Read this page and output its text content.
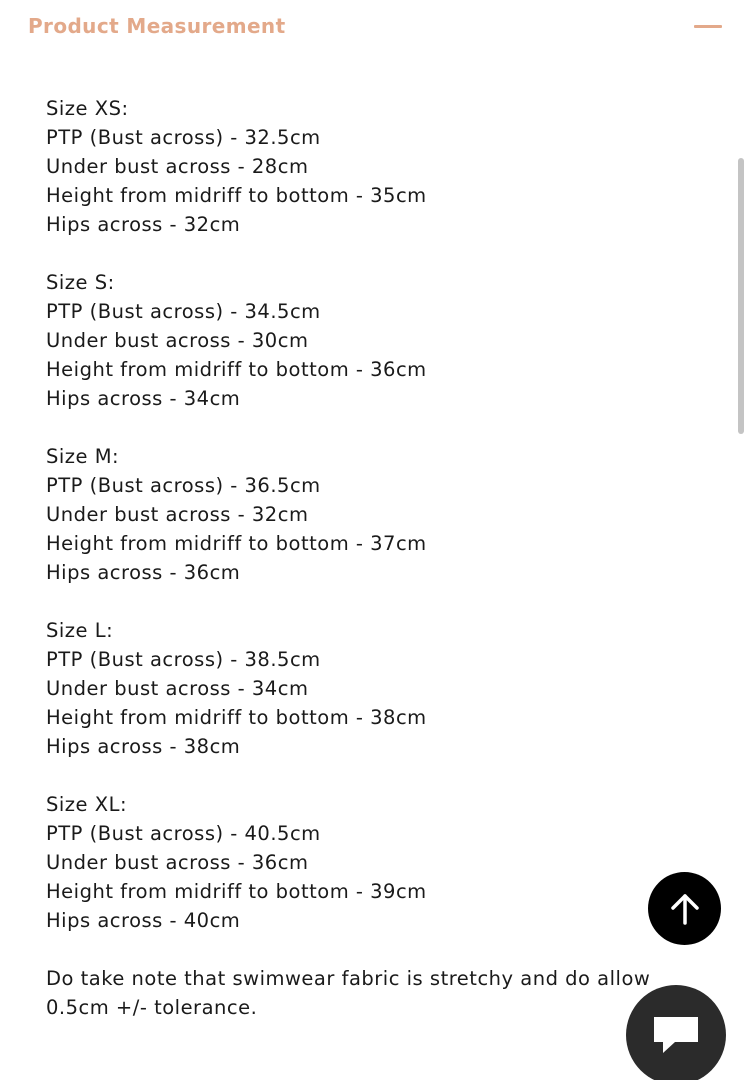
Product Measurement
Size XS:
PTP (Bust across) - 32.5cm
Under bust across - 28cm
Height from midriff to bottom - 35cm
Hips across - 32cm
Size S:
PTP (Bust across) - 34.5cm
Under bust across - 30cm
Height from midriff to bottom - 36cm
Hips across - 34cm
Size M:
PTP (Bust across) - 36.5cm
Under bust across - 32cm
Height from midriff to bottom - 37cm
Hips across - 36cm
Size L:
PTP (Bust across) - 38.5cm
Under bust across - 34cm
Height from midriff to bottom - 38cm
Hips across - 38cm
Size XL:
PTP (Bust across) - 40.5cm
Under bust across - 36cm
Height from midriff to bottom - 39cm
Hips across - 40cm
Do take note that swimwear fabric is stretchy and do allow
0.5cm +/- tolerance.
